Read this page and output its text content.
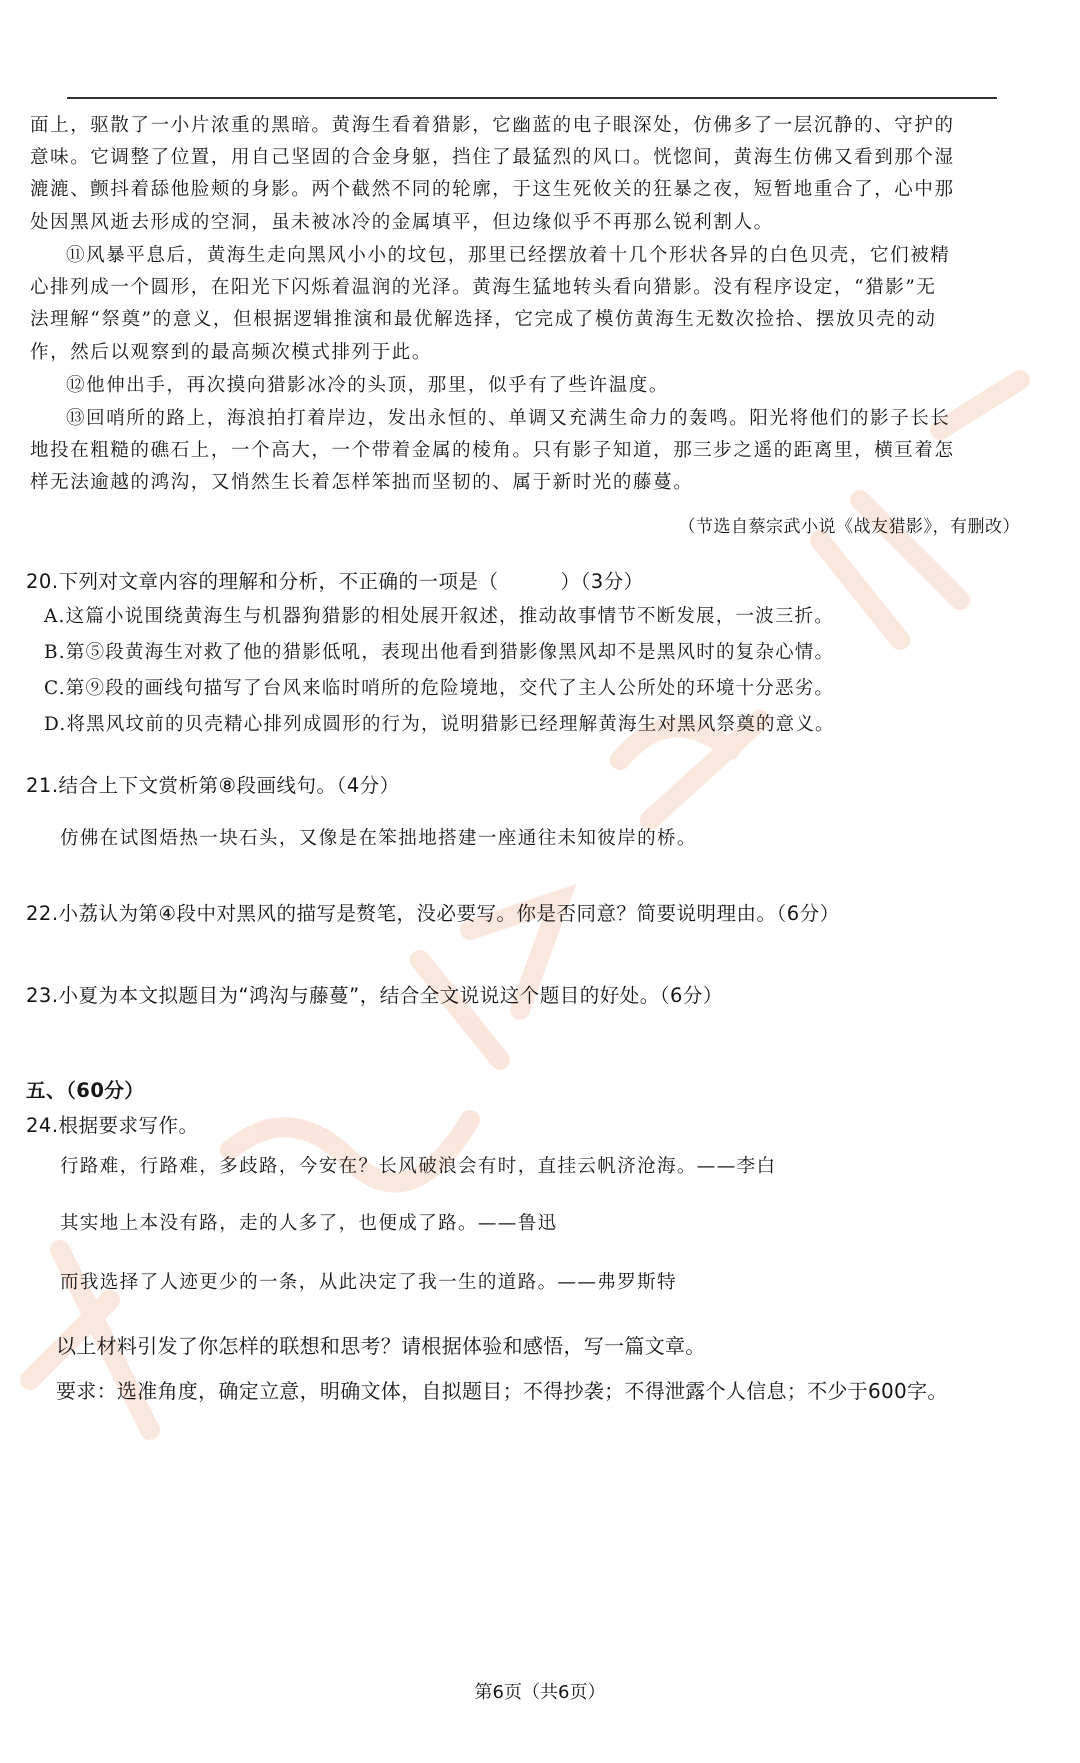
面上，驱散了一小片浓重的黑暗。黄海生看着猎影，它幽蓝的电子眼深处，仿佛多了一层沉静的、守护的
意味。它调整了位置，用自己坚固的合金身躯，挡住了最猛烈的风口。恍惚间，黄海生仿佛又看到那个湿
漉漉、颤抖着舔他脸颊的身影。两个截然不同的轮廓，于这生死攸关的狂暴之夜，短暂地重合了，心中那
处因黑风逝去形成的空洞，虽未被冰冷的金属填平，但边缘似乎不再那么锐利割人。
⑪风暴平息后，黄海生走向黑风小小的坟包，那里已经摆放着十几个形状各异的白色贝壳，它们被精
心排列成一个圆形，在阳光下闪烁着温润的光泽。黄海生猛地转头看向猎影。没有程序设定，“猎影”无
法理解“祭奠”的意义，但根据逻辑推演和最优解选择，它完成了模仿黄海生无数次捡拾、摆放贝壳的动
作，然后以观察到的最高频次模式排列于此。
⑫他伸出手，再次摸向猎影冰冷的头顶，那里，似乎有了些许温度。
⑬回哨所的路上，海浪拍打着岸边，发出永恒的、单调又充满生命力的轰鸣。阳光将他们的影子长长
地投在粗糙的礁石上，一个高大，一个带着金属的棱角。只有影子知道，那三步之遥的距离里，横亘着怎
样无法逾越的鸿沟，又悄然生长着怎样笨拙而坚韧的、属于新时光的藤蔓。
（节选自蔡宗武小说《战友猎影》，有删改）
20.下列对文章内容的理解和分析，不正确的一项是（	）（3分）
A.这篇小说围绕黄海生与机器狗猎影的相处展开叙述，推动故事情节不断发展，一波三折。
B.第⑤段黄海生对救了他的猎影低吼，表现出他看到猎影像黑风却不是黑风时的复杂心情。
C.第⑨段的画线句描写了台风来临时哨所的危险境地，交代了主人公所处的环境十分恶劣。
D.将黑风坟前的贝壳精心排列成圆形的行为，说明猎影已经理解黄海生对黑风祭奠的意义。
21.结合上下文赏析第⑧段画线句。（4分）
仿佛在试图焐热一块石头，又像是在笨拙地搭建一座通往未知彼岸的桥。
22.小荔认为第④段中对黑风的描写是赘笔，没必要写。你是否同意？简要说明理由。（6分）
23.小夏为本文拟题目为“鸿沟与藤蔓”，结合全文说说这个题目的好处。（6分）
五、（60分）
24.根据要求写作。
行路难，行路难，多歧路，今安在？长风破浪会有时，直挂云帆济沧海。——李白
其实地上本没有路，走的人多了，也便成了路。——鲁迅
而我选择了人迹更少的一条，从此决定了我一生的道路。——弗罗斯特
以上材料引发了你怎样的联想和思考？请根据体验和感悟，写一篇文章。
要求：选准角度，确定立意，明确文体，自拟题目；不得抄袭；不得泄露个人信息；不少于600字。
第6页（共6页）
